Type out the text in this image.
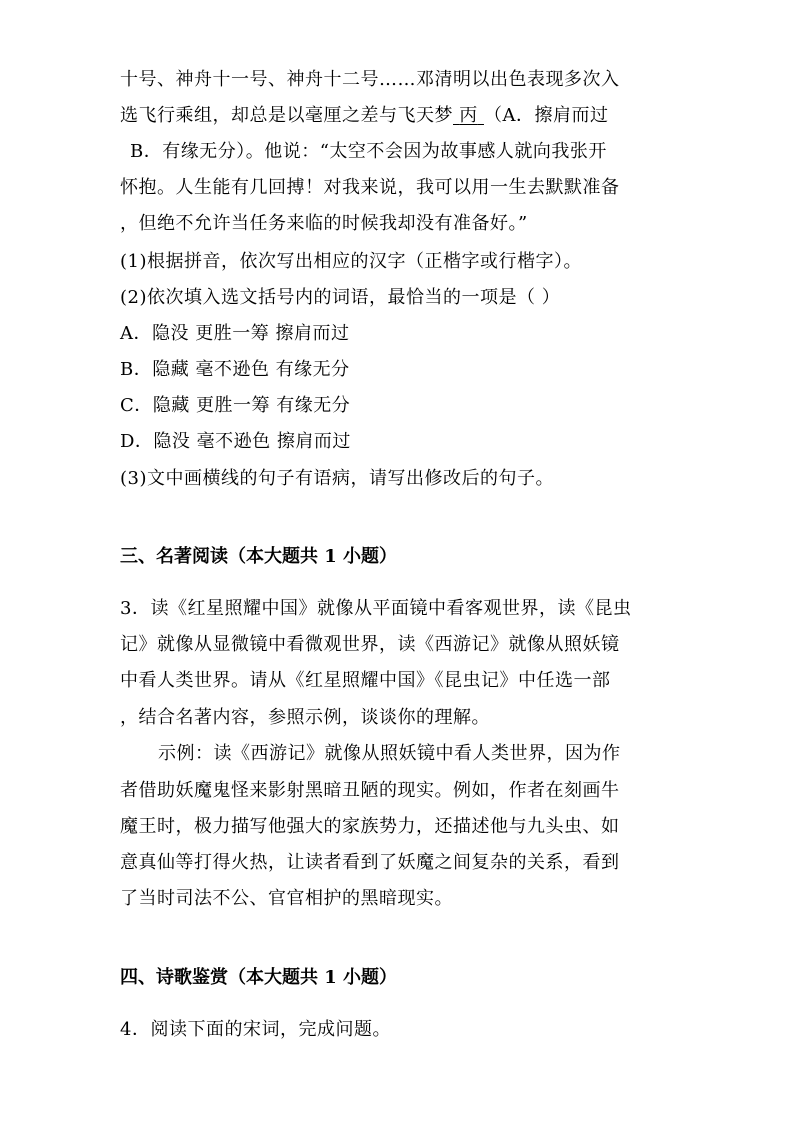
十号、神舟十一号、神舟十二号……邓清明以出色表现多次入
选飞行乘组，却总是以毫厘之差与飞天梦 丙 （A．擦肩而过
B．有缘无分）。他说：“太空不会因为故事感人就向我张开
怀抱。人生能有几回搏！对我来说，我可以用一生去默默准备
，但绝不允许当任务来临的时候我却没有准备好。”
(1)根据拼音，依次写出相应的汉字（正楷字或行楷字）。
(2)依次填入选文括号内的词语，最恰当的一项是（ ）
A．隐没 更胜一筹 擦肩而过
B．隐藏 毫不逊色 有缘无分
C．隐藏 更胜一筹 有缘无分
D．隐没 毫不逊色 擦肩而过
(3)文中画横线的句子有语病，请写出修改后的句子。
三、名著阅读（本大题共 1 小题）
3．读《红星照耀中国》就像从平面镜中看客观世界，读《昆虫
记》就像从显微镜中看微观世界，读《西游记》就像从照妖镜
中看人类世界。请从《红星照耀中国》《昆虫记》中任选一部
，结合名著内容，参照示例，谈谈你的理解。
示例：读《西游记》就像从照妖镜中看人类世界，因为作
者借助妖魔鬼怪来影射黑暗丑陋的现实。例如，作者在刻画牛
魔王时，极力描写他强大的家族势力，还描述他与九头虫、如
意真仙等打得火热，让读者看到了妖魔之间复杂的关系，看到
了当时司法不公、官官相护的黑暗现实。
四、诗歌鉴赏（本大题共 1 小题）
4．阅读下面的宋词，完成问题。
